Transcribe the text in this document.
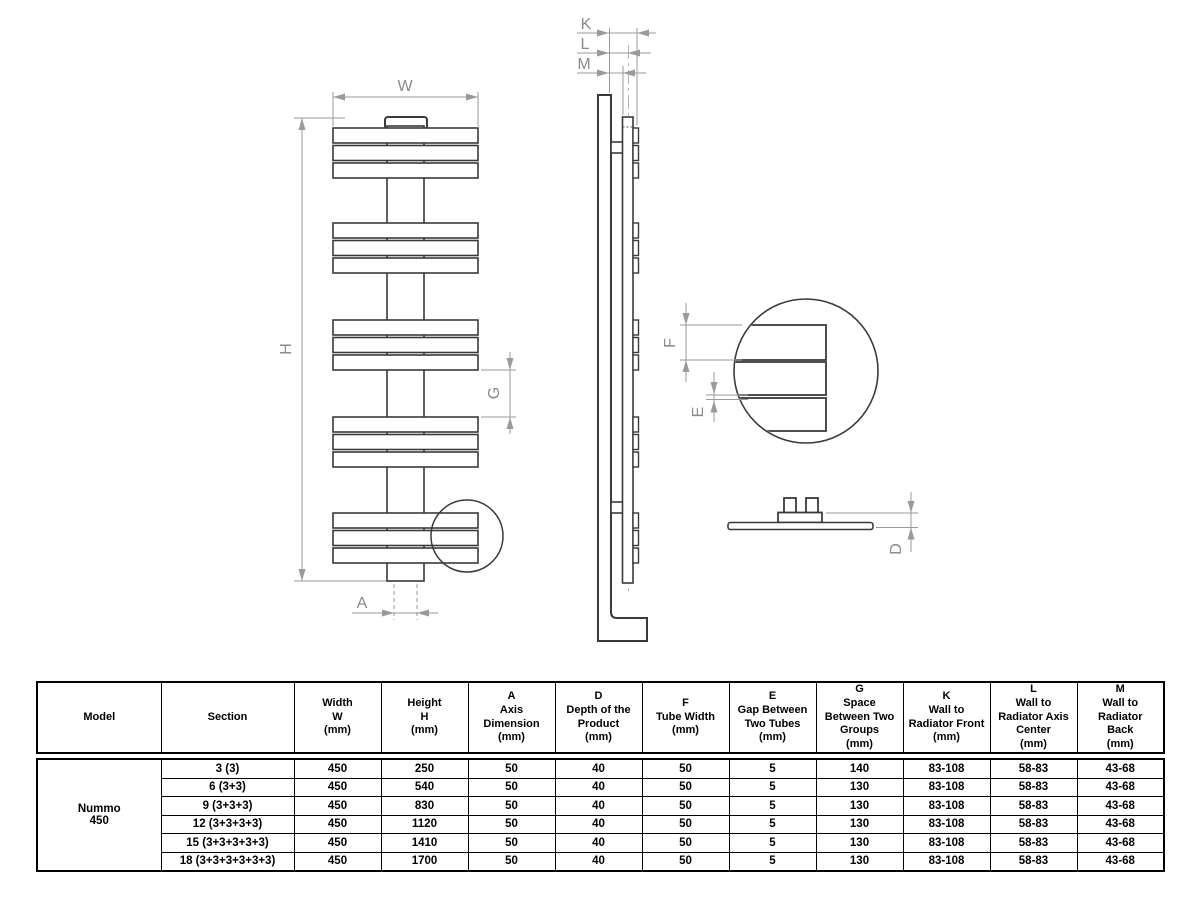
W
H
G
A
K
L
M
F
E
D
Model	Section	Width
W
(mm)	Height
H
(mm)	A
Axis
Dimension
(mm)	D
Depth of the
Product
(mm)	F
Tube Width
(mm)	E
Gap Between
Two Tubes
(mm)	G
Space
Between Two
Groups
(mm)	K
Wall to
Radiator Front
(mm)	L
Wall to
Radiator Axis
Center
(mm)	M
Wall to
Radiator
Back
(mm)
Nummo
450	3 (3)	450	250	50	40	50	5	140	83-108	58-83	43-68
	6 (3+3)	450	540	50	40	50	5	130	83-108	58-83	43-68
	9 (3+3+3)	450	830	50	40	50	5	130	83-108	58-83	43-68
	12 (3+3+3+3)	450	1120	50	40	50	5	130	83-108	58-83	43-68
	15 (3+3+3+3+3)	450	1410	50	40	50	5	130	83-108	58-83	43-68
	18 (3+3+3+3+3+3)	450	1700	50	40	50	5	130	83-108	58-83	43-68
